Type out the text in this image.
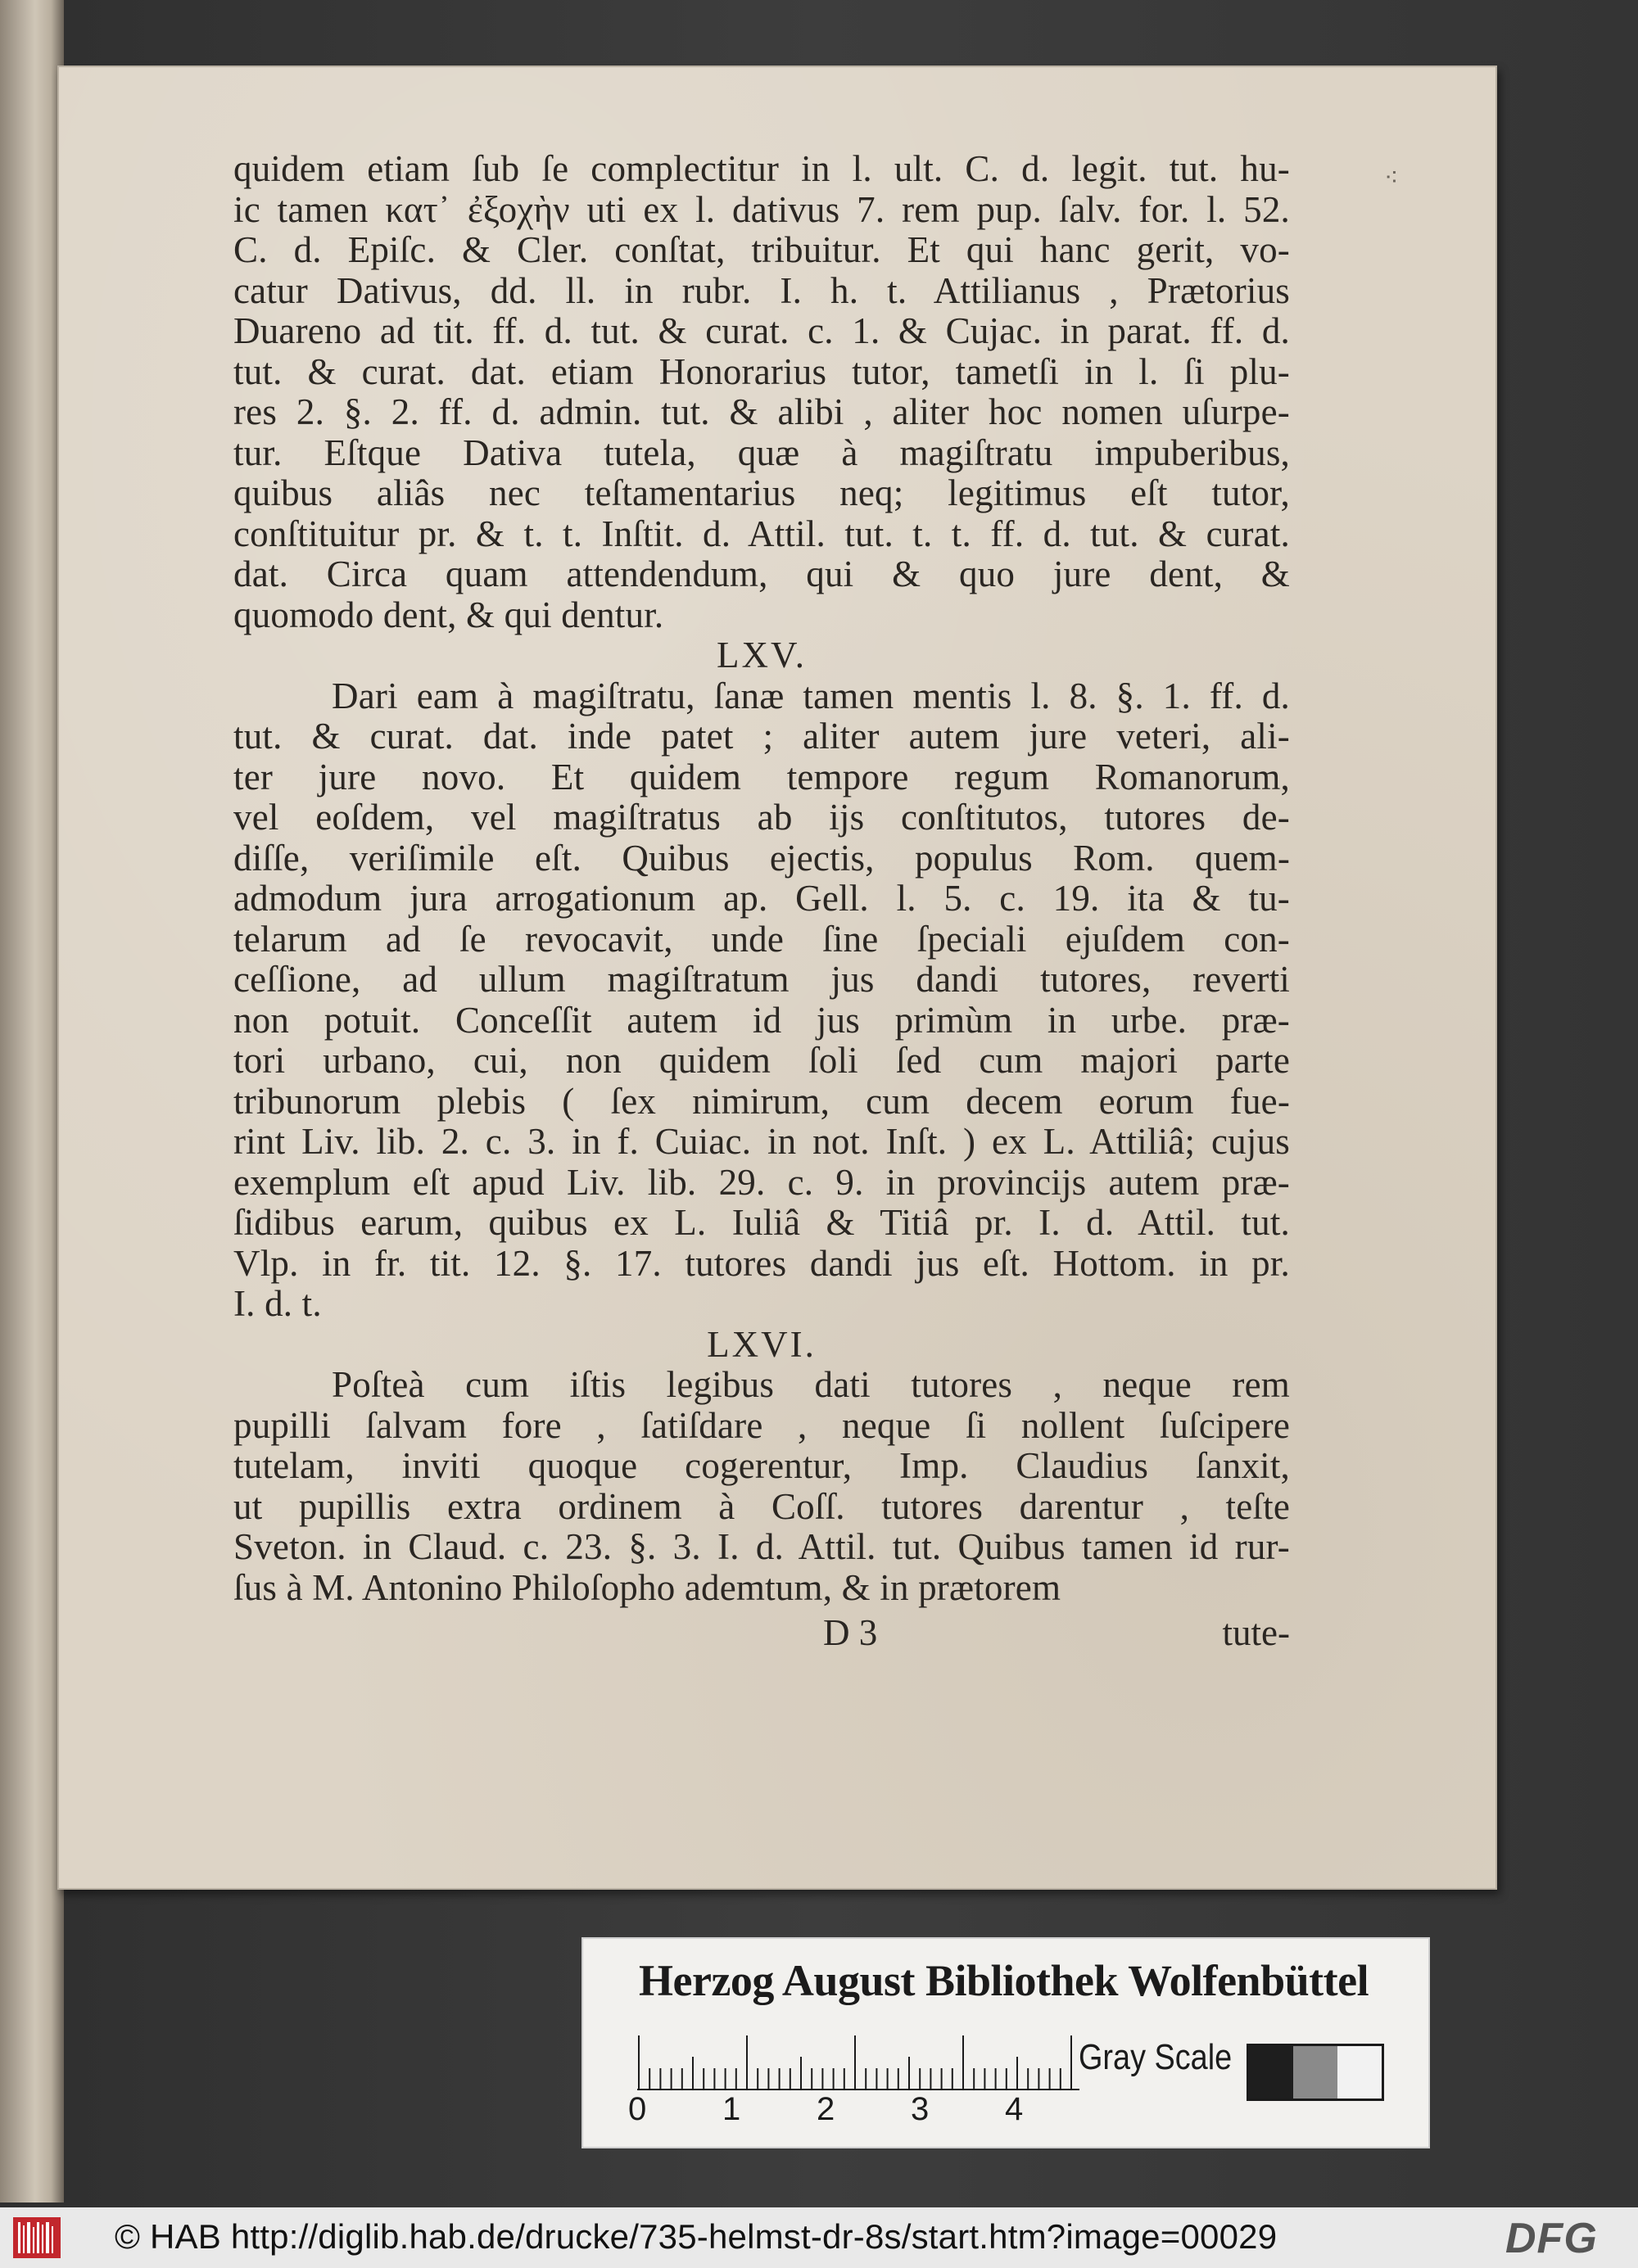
⁖
quidem etiam ſub ſe complectitur in l. ult. C. d. legit. tut. hu-
ic tamen κατ᾽ ἐξοχὴν uti ex l. dativus 7. rem pup. ſalv. for. l. 52.
C. d. Epiſc. & Cler. conſtat, tribuitur. Et qui hanc gerit, vo-
catur Dativus, dd. ll. in rubr. I. h. t. Attilianus , Prætorius
Duareno ad tit. ff. d. tut. & curat. c. 1. & Cujac. in parat. ff. d.
tut. & curat. dat. etiam Honorarius tutor, tametſi in l. ſi plu-
res 2. §. 2. ff. d. admin. tut. & alibi , aliter hoc nomen uſurpe-
tur. Eſtque Dativa tutela, quæ à magiſtratu impuberibus,
quibus aliâs nec teſtamentarius neq; legitimus eſt tutor,
conſtituitur pr. & t. t. Inſtit. d. Attil. tut. t. t. ff. d. tut. & curat.
dat. Circa quam attendendum, qui & quo jure dent, &
quomodo dent, & qui dentur.
LXV.
Dari eam à magiſtratu, ſanæ tamen mentis l. 8. §. 1. ff. d.
tut. & curat. dat. inde patet ; aliter autem jure veteri, ali-
ter jure novo. Et quidem tempore regum Romanorum,
vel eoſdem, vel magiſtratus ab ijs conſtitutos, tutores de-
diſſe, veriſimile eſt. Quibus ejectis, populus Rom. quem-
admodum jura arrogationum ap. Gell. l. 5. c. 19. ita & tu-
telarum ad ſe revocavit, unde ſine ſpeciali ejuſdem con-
ceſſione, ad ullum magiſtratum jus dandi tutores, reverti
non potuit. Conceſſit autem id jus primùm in urbe. præ-
tori urbano, cui, non quidem ſoli ſed cum majori parte
tribunorum plebis ( ſex nimirum, cum decem eorum fue-
rint Liv. lib. 2. c. 3. in f. Cuiac. in not. Inſt. ) ex L. Attiliâ; cujus
exemplum eſt apud Liv. lib. 29. c. 9. in provincijs autem præ-
ſidibus earum, quibus ex L. Iuliâ & Titiâ pr. I. d. Attil. tut.
Vlp. in fr. tit. 12. §. 17. tutores dandi jus eſt. Hottom. in pr.
I. d. t.
LXVI.
Poſteà cum iſtis legibus dati tutores , neque rem
pupilli ſalvam fore , ſatiſdare , neque ſi nollent ſuſcipere
tutelam, inviti quoque cogerentur, Imp. Claudius ſanxit,
ut pupillis extra ordinem à Coſſ. tutores darentur , teſte
Sveton. in Claud. c. 23. §. 3. I. d. Attil. tut. Quibus tamen id rur-
ſus à M. Antonino Philoſopho ademtum, & in prætorem
D 3	tute-
Herzog August Bibliothek Wolfenbüttel
0 1 2 3 4
Gray Scale
© HAB http://diglib.hab.de/drucke/735-helmst-dr-8s/start.htm?image=00029	DFG
